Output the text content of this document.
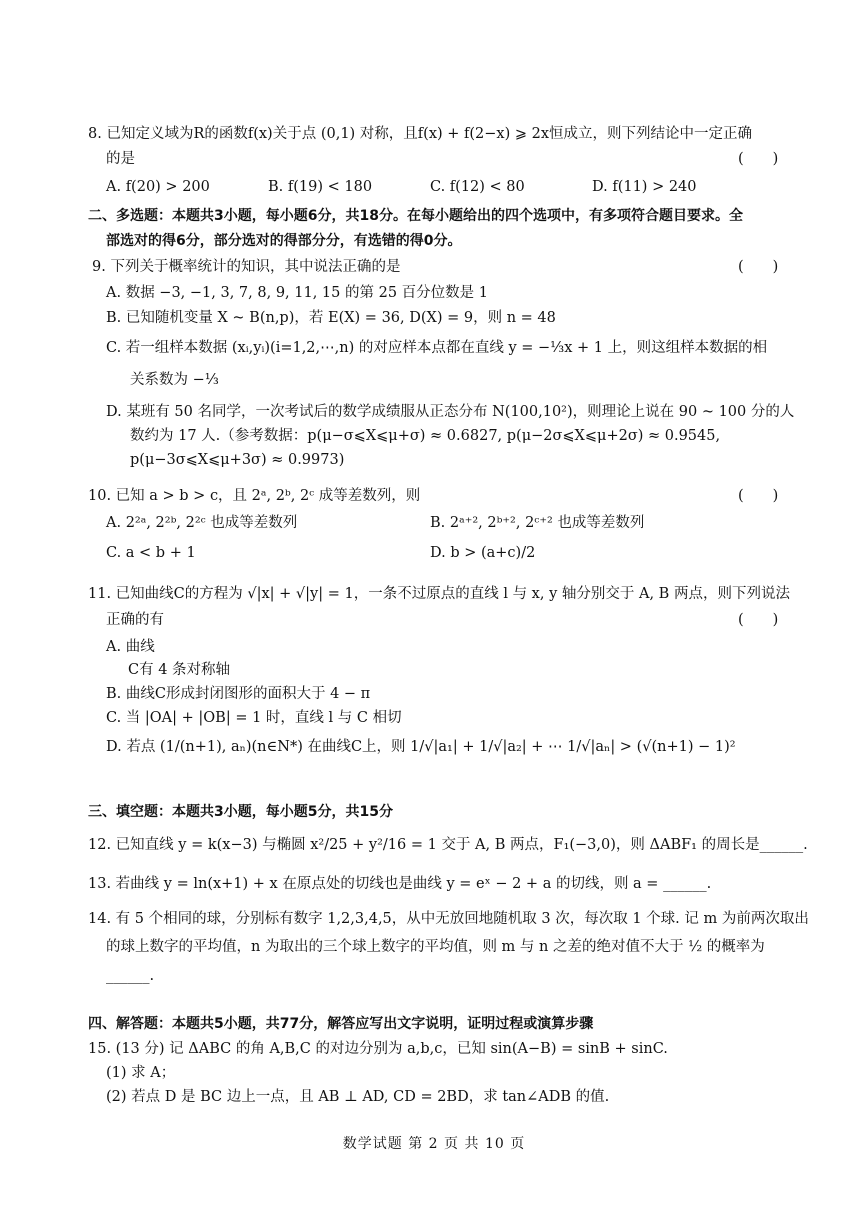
8. 已知定义域为R的函数f(x)关于点 (0,1) 对称，且f(x) + f(2−x) ⩾ 2x恒成立，则下列结论中一定正确
的是	(　　)
A. f(20) > 200	B. f(19) < 180	C. f(12) < 80	D. f(11) > 240
二、多选题：本题共3小题，每小题6分，共18分。在每小题给出的四个选项中，有多项符合题目要求。全
部选对的得6分，部分选对的得部分分，有选错的得0分。
9. 下列关于概率统计的知识，其中说法正确的是	(　　)
A. 数据 −3, −1, 3, 7, 8, 9, 11, 15 的第 25 百分位数是 1
B. 已知随机变量 X ~ B(n,p)，若 E(X) = 36, D(X) = 9，则 n = 48
C. 若一组样本数据 (xᵢ,yᵢ)(i=1,2,⋯,n) 的对应样本点都在直线 y = −⅓x + 1 上，则这组样本数据的相
关系数为 −⅓
D. 某班有 50 名同学，一次考试后的数学成绩服从正态分布 N(100,10²)，则理论上说在 90 ~ 100 分的人
数约为 17 人.（参考数据：p(μ−σ⩽X⩽μ+σ) ≈ 0.6827, p(μ−2σ⩽X⩽μ+2σ) ≈ 0.9545,
p(μ−3σ⩽X⩽μ+3σ) ≈ 0.9973)
10. 已知 a > b > c，且 2ᵃ, 2ᵇ, 2ᶜ 成等差数列，则	(　　)
A. 2²ᵃ, 2²ᵇ, 2²ᶜ 也成等差数列	B. 2ᵃ⁺², 2ᵇ⁺², 2ᶜ⁺² 也成等差数列
C. a < b + 1	D. b > (a+c)/2
11. 已知曲线C的方程为 √|x| + √|y| = 1，一条不过原点的直线 l 与 x, y 轴分别交于 A, B 两点，则下列说法
正确的有	(　　)
A. 曲线
C有 4 条对称轴
B. 曲线C形成封闭图形的面积大于 4 − π
C. 当 |OA| + |OB| = 1 时，直线 l 与 C 相切
D. 若点 (1/(n+1), aₙ)(n∈N*) 在曲线C上，则 1/√|a₁| + 1/√|a₂| + ⋯ 1/√|aₙ| > (√(n+1) − 1)²
三、填空题：本题共3小题，每小题5分，共15分
12. 已知直线 y = k(x−3) 与椭圆 x²/25 + y²/16 = 1 交于 A, B 两点，F₁(−3,0)，则 ΔABF₁ 的周长是______.
13. 若曲线 y = ln(x+1) + x 在原点处的切线也是曲线 y = eˣ − 2 + a 的切线，则 a = ______.
14. 有 5 个相同的球，分别标有数字 1,2,3,4,5，从中无放回地随机取 3 次，每次取 1 个球. 记 m 为前两次取出
的球上数字的平均值，n 为取出的三个球上数字的平均值，则 m 与 n 之差的绝对值不大于 ½ 的概率为
______.
四、解答题：本题共5小题，共77分，解答应写出文字说明，证明过程或演算步骤
15. (13 分) 记 ΔABC 的角 A,B,C 的对边分别为 a,b,c，已知 sin(A−B) = sinB + sinC.
(1) 求 A；
(2) 若点 D 是 BC 边上一点，且 AB ⊥ AD, CD = 2BD，求 tan∠ADB 的值.
数学试题 第 2 页 共 10 页
